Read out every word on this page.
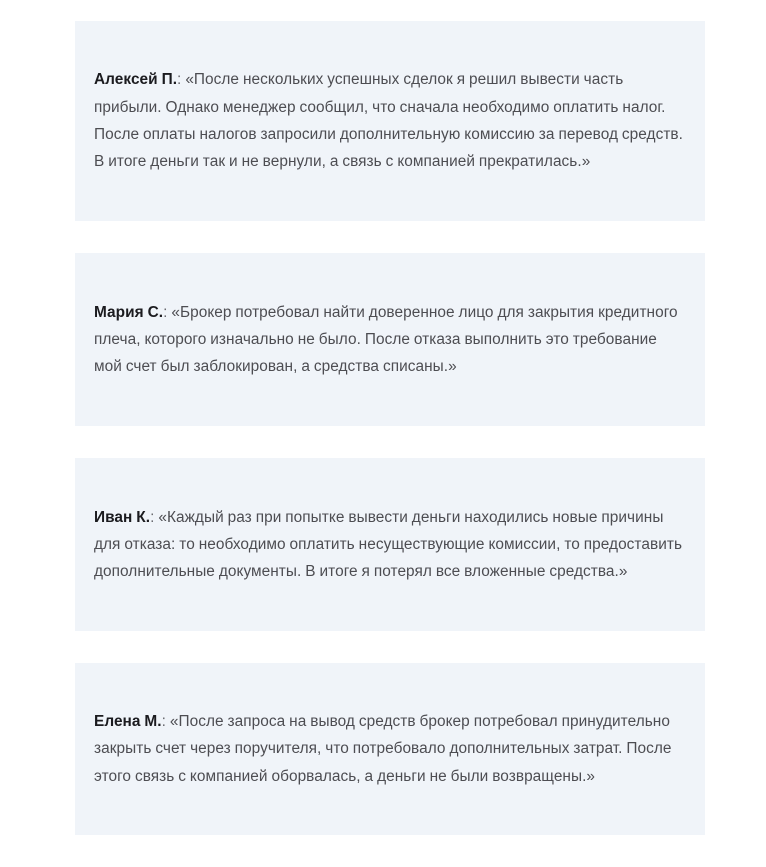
Алексей П.: «После нескольких успешных сделок я решил вывести часть прибыли. Однако менеджер сообщил, что сначала необходимо оплатить налог. После оплаты налогов запросили дополнительную комиссию за перевод средств. В итоге деньги так и не вернули, а связь с компанией прекратилась.»

Мария С.: «Брокер потребовал найти доверенное лицо для закрытия кредитного плеча, которого изначально не было. После отказа выполнить это требование мой счет был заблокирован, а средства списаны.»

Иван К.: «Каждый раз при попытке вывести деньги находились новые причины для отказа: то необходимо оплатить несуществующие комиссии, то предоставить дополнительные документы. В итоге я потерял все вложенные средства.»

Елена М.: «После запроса на вывод средств брокер потребовал принудительно закрыть счет через поручителя, что потребовало дополнительных затрат. После этого связь с компанией оборвалась, а деньги не были возвращены.»
